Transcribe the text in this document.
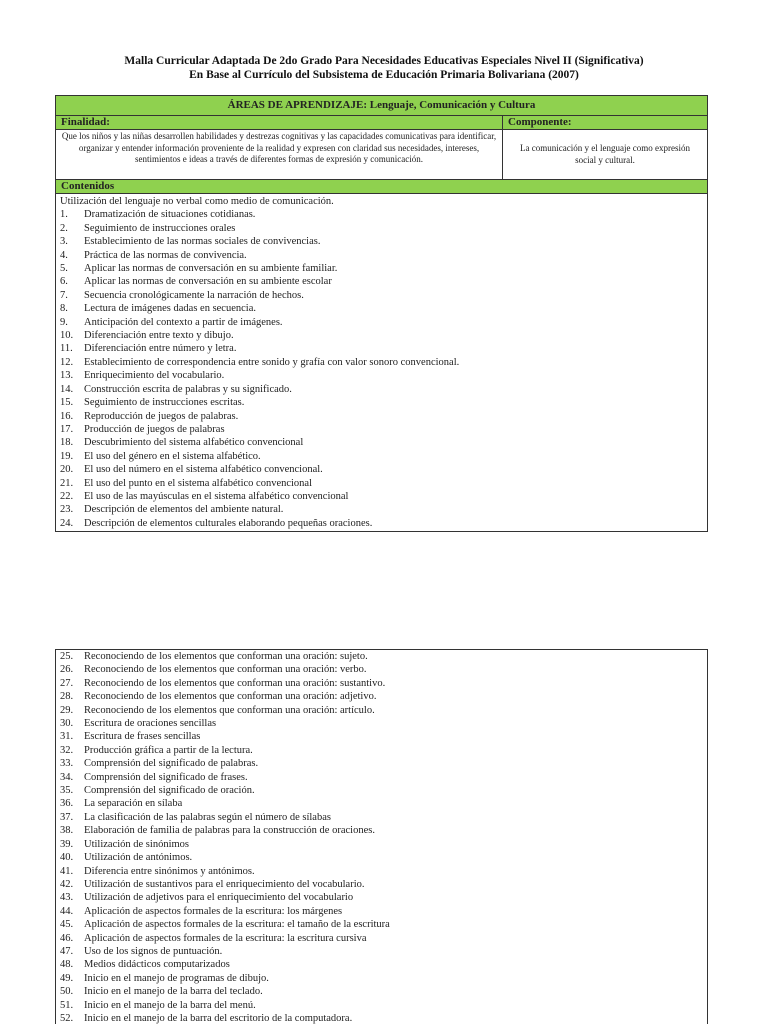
Malla Curricular Adaptada De 2do Grado Para Necesidades Educativas Especiales Nivel II (Significativa)
En Base al Currículo del Subsistema de Educación Primaria Bolivariana (2007)
ÁREAS DE APRENDIZAJE: Lenguaje, Comunicación y Cultura
Finalidad:	Componente:
Que los niños y las niñas desarrollen habilidades y destrezas cognitivas y las capacidades comunicativas para identificar, organizar y entender información proveniente de la realidad y expresen con claridad sus necesidades, intereses, sentimientos e ideas a través de diferentes formas de expresión y comunicación.
La comunicación y el lenguaje como expresión social y cultural.
Contenidos
Utilización del lenguaje no verbal como medio de comunicación.
1. Dramatización de situaciones cotidianas.
2. Seguimiento de instrucciones orales
3. Establecimiento de las normas sociales de convivencias.
4. Práctica de las normas de convivencia.
5. Aplicar las normas de conversación en su ambiente familiar.
6. Aplicar las normas de conversación en su ambiente escolar
7. Secuencia cronológicamente la narración de hechos.
8. Lectura de imágenes dadas en secuencia.
9. Anticipación del contexto a partir de imágenes.
10. Diferenciación entre texto y dibujo.
11. Diferenciación entre número y letra.
12. Establecimiento de correspondencia entre sonido y grafía con valor sonoro convencional.
13. Enriquecimiento del vocabulario.
14. Construcción escrita de palabras y su significado.
15. Seguimiento de instrucciones escritas.
16. Reproducción de juegos de palabras.
17. Producción de juegos de palabras
18. Descubrimiento del sistema alfabético convencional
19. El uso del género en el sistema alfabético.
20. El uso del número en el sistema alfabético convencional.
21. El uso del punto en el sistema alfabético convencional
22. El uso de las mayúsculas en el sistema alfabético convencional
23. Descripción de elementos del ambiente natural.
24. Descripción de elementos culturales elaborando pequeñas oraciones.
25. Reconociendo de los elementos que conforman una oración: sujeto.
26. Reconociendo de los elementos que conforman una oración: verbo.
27. Reconociendo de los elementos que conforman una oración: sustantivo.
28. Reconociendo de los elementos que conforman una oración: adjetivo.
29. Reconociendo de los elementos que conforman una oración: artículo.
30. Escritura de oraciones sencillas
31. Escritura de frases sencillas
32. Producción gráfica a partir de la lectura.
33. Comprensión del significado de palabras.
34. Comprensión del significado de frases.
35. Comprensión del significado de oración.
36. La separación en sílaba
37. La clasificación de las palabras según el número de sílabas
38. Elaboración de familia de palabras para la construcción de oraciones.
39. Utilización de sinónimos
40. Utilización de antónimos.
41. Diferencia entre sinónimos y antónimos.
42. Utilización de sustantivos para el enriquecimiento del vocabulario.
43. Utilización de adjetivos para el enriquecimiento del vocabulario
44. Aplicación de aspectos formales de la escritura: los márgenes
45. Aplicación de aspectos formales de la escritura: el tamaño de la escritura
46. Aplicación de aspectos formales de la escritura: la escritura cursiva
47. Uso de los signos de puntuación.
48. Medios didácticos computarizados
49. Inicio en el manejo de programas de dibujo.
50. Inicio en el manejo de la barra del teclado.
51. Inicio en el manejo de la barra del menú.
52. Inicio en el manejo de la barra del escritorio de la computadora.
